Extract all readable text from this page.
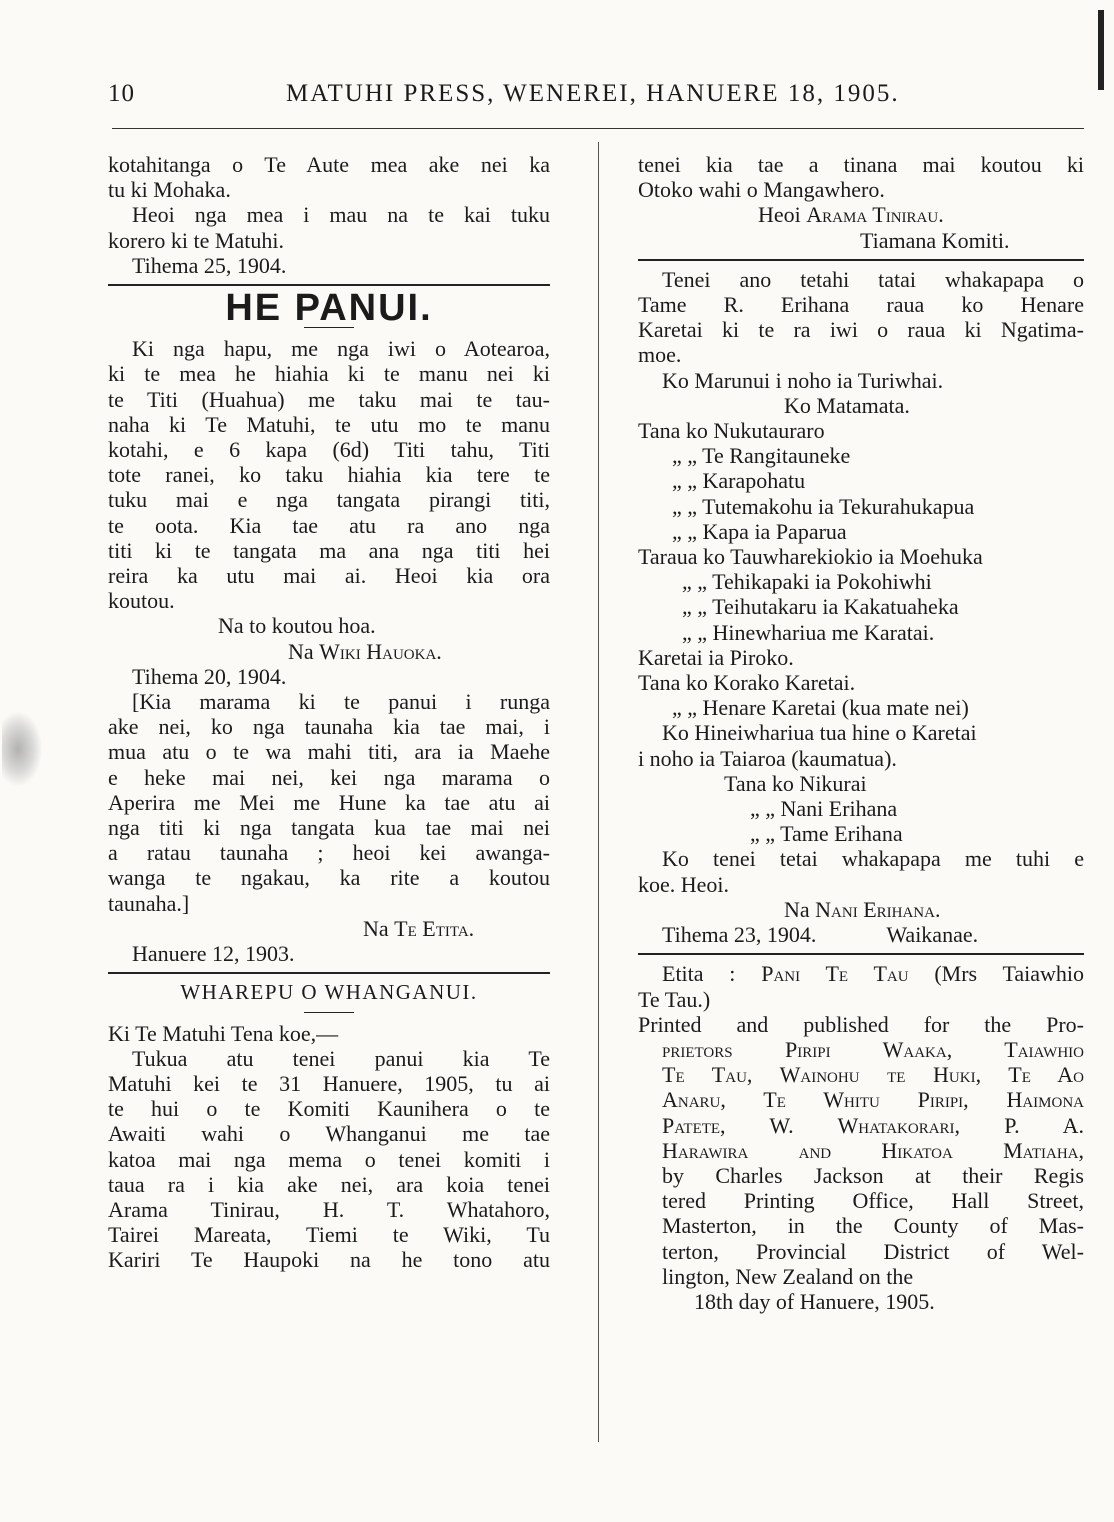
10	MATUHI PRESS, WENEREI, HANUERE 18, 1905.

kotahitanga o Te Aute mea ake nei ka

tu ki Mohaka.

Heoi nga mea i mau na te kai tuku

korero ki te Matuhi.

Tihema 25, 1904.

HE PANUI.

Ki nga hapu, me nga iwi o Aotearoa,

ki te mea he hiahia ki te manu nei ki

te Titi (Huahua) me taku mai te tau-

naha ki Te Matuhi, te utu mo te manu

kotahi, e 6 kapa (6d) Titi tahu, Titi

tote ranei, ko taku hiahia kia tere te

tuku mai e nga tangata pirangi titi,

te oota. Kia tae atu ra ano nga

titi ki te tangata ma ana nga titi hei

reira ka utu mai ai. Heoi kia ora

koutou.

Na to koutou hoa.

Na Wiki Hauoka.

Tihema 20, 1904.

[Kia marama ki te panui i runga

ake nei, ko nga taunaha kia tae mai, i

mua atu o te wa mahi titi, ara ia Maehe

e heke mai nei, kei nga marama o

Aperira me Mei me Hune ka tae atu ai

nga titi ki nga tangata kua tae mai nei

a ratau taunaha ; heoi kei awanga-

wanga te ngakau, ka rite a koutou

taunaha.]

Na Te Etita.

Hanuere 12, 1903.

WHAREPU O WHANGANUI.

Ki Te Matuhi Tena koe,—

Tukua atu tenei panui kia Te

Matuhi kei te 31 Hanuere, 1905, tu ai

te hui o te Komiti Kaunihera o te

Awaiti wahi o Whanganui me tae

katoa mai nga mema o tenei komiti i

taua ra i kia ake nei, ara koia tenei

Arama Tinirau, H. T. Whatahoro,

Tairei Mareata, Tiemi te Wiki, Tu

Kariri Te Haupoki na he tono atu

tenei kia tae a tinana mai koutou ki

Otoko wahi o Mangawhero.

Heoi Arama Tinirau.

Tiamana Komiti.

Tenei ano tetahi tatai whakapapa o

Tame R. Erihana raua ko Henare

Karetai ki te ra iwi o raua ki Ngatima-

moe.

Ko Marunui i noho ia Turiwhai.

Ko Matamata.

Tana ko Nukutauraro

„ „ Te Rangitauneke

„ „ Karapohatu

„ „ Tutemakohu ia Tekurahukapua

„ „ Kapa ia Paparua

Taraua ko Tauwharekiokio ia Moehuka

„ „ Tehikapaki ia Pokohiwhi

„ „ Teihutakaru ia Kakatuaheka

„ „ Hinewhariua me Karatai.

Karetai ia Piroko.

Tana ko Korako Karetai.

„ „ Henare Karetai (kua mate nei)

Ko Hineiwhariua tua hine o Karetai

i noho ia Taiaroa (kaumatua).

Tana ko Nikurai

„ „ Nani Erihana

„ „ Tame Erihana

Ko tenei tetai whakapapa me tuhi e

koe. Heoi.

Na Nani Erihana.

Tihema 23, 1904.	Waikanae.

Etita : Pani Te Tau (Mrs Taiawhio

Te Tau.)

Printed and published for the Pro-

prietors Piripi Waaka, Taiawhio

Te Tau, Wainohu te Huki, Te Ao

Anaru, Te Whitu Piripi, Haimona

Patete, W. Whatakorari, P. A.

Harawira and Hikatoa Matiaha,

by Charles Jackson at their Regis

tered Printing Office, Hall Street,

Masterton, in the County of Mas-

terton, Provincial District of Wel-

lington, New Zealand on the

18th day of Hanuere, 1905.
